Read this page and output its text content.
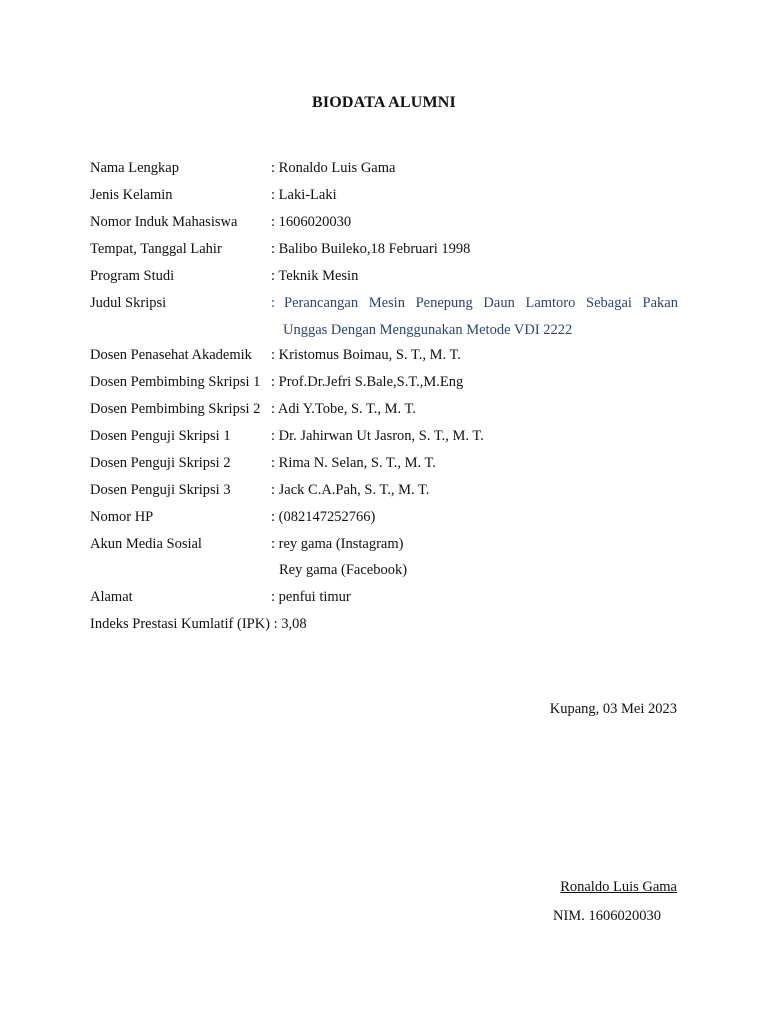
BIODATA ALUMNI
Nama Lengkap	: Ronaldo Luis Gama
Jenis Kelamin	: Laki-Laki
Nomor Induk Mahasiswa : 1606020030
Tempat, Tanggal Lahir	: Balibo Buileko,18 Februari 1998
Program Studi	: Teknik Mesin
Judul Skripsi	: Perancangan Mesin Penepung Daun Lamtoro Sebagai Pakan
Unggas Dengan Menggunakan Metode VDI 2222
Dosen Penasehat Akademik : Kristomus Boimau, S. T., M. T.
Dosen Pembimbing Skripsi 1 : Prof.Dr.Jefri S.Bale,S.T.,M.Eng
Dosen Pembimbing Skripsi 2 : Adi Y.Tobe, S. T., M. T.
Dosen Penguji Skripsi 1	: Dr. Jahirwan Ut Jasron, S. T., M. T.
Dosen Penguji Skripsi 2	: Rima N. Selan, S. T., M. T.
Dosen Penguji Skripsi 3	: Jack C.A.Pah, S. T., M. T.
Nomor HP	: (082147252766)
Akun Media Sosial	: rey gama (Instagram)
Rey gama (Facebook)
Alamat	: penfui timur
Indeks Prestasi Kumlatif (IPK) : 3,08
Kupang, 03 Mei 2023
Ronaldo Luis Gama
NIM. 1606020030
